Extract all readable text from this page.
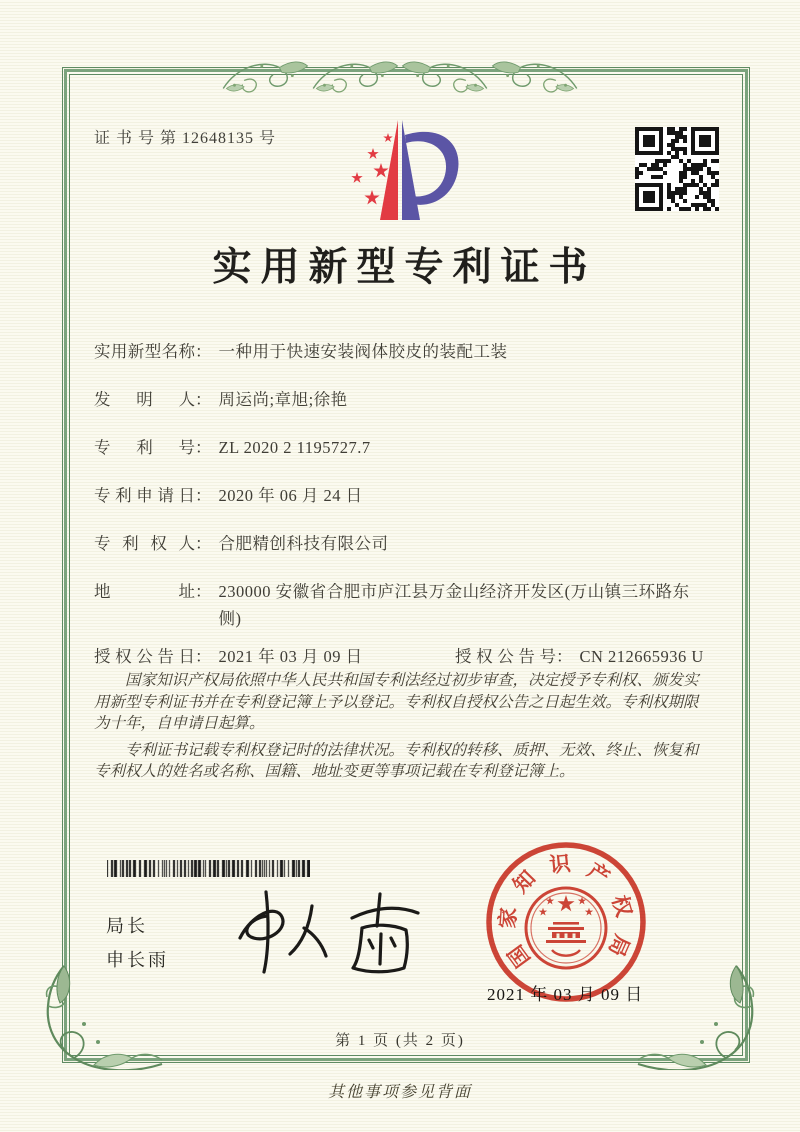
证 书 号 第 12648135 号
实用新型专利证书
实用新型名称 ： 一种用于快速安装阀体胶皮的装配工装
发明人 ： 周运尚;章旭;徐艳
专利号 ： ZL 2020 2 1195727.7
专利申请日 ： 2020 年 06 月 24 日
专利权人 ： 合肥精创科技有限公司
地址 ： 230000 安徽省合肥市庐江县万金山经济开发区(万山镇三环路东侧)
授权公告日 ： 2021 年 03 月 09 日	授权公告号 ： CN 212665936 U

国家知识产权局依照中华人民共和国专利法经过初步审查，决定授予专利权、颁发实用新型专利证书并在专利登记簿上予以登记。专利权自授权公告之日起生效。专利权期限为十年，自申请日起算。

专利证书记载专利权登记时的法律状况。专利权的转移、质押、无效、终止、恢复和专利权人的姓名或名称、国籍、地址变更等事项记载在专利登记簿上。

局长
申长雨	国
家
知
识 产
权
局
2021 年 03 月 09 日
第 1 页 (共 2 页)
其他事项参见背面
